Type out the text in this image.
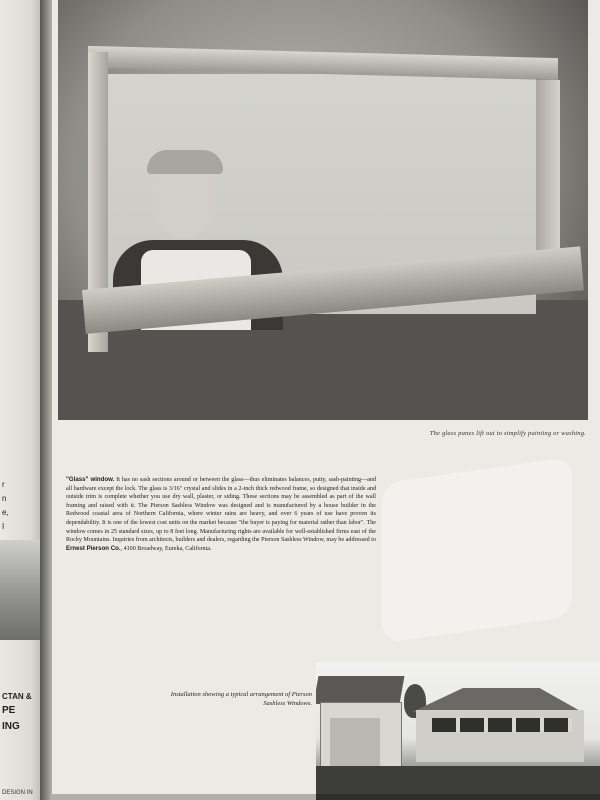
r
n
e,
I
CTAN &
PE
ING
DESIGN IN
The glass panes lift out to simplify painting or washing.
"Glass" window. It has no sash sections around or between the glass—thus eliminates balances, putty, sash-painting—and all hardware except the lock. The glass is 3/16" crystal and slides in a 2-inch thick redwood frame, so designed that inside and outside trim is complete whether you use dry wall, plaster, or siding. These sections may be assembled as part of the wall framing and raised with it. The Pierson Sashless Window was designed and is manufactured by a house builder in the Redwood coastal area of Northern California, where winter rains are heavy, and over 6 years of use have proven its dependability. It is one of the lowest cost units on the market because "the buyer is paying for material rather than labor". The window comes in 25 standard sizes, up to 8 feet long. Manufacturing rights are available for well-established firms east of the Rocky Mountains. Inquiries from architects, builders and dealers, regarding the Pierson Sashless Window, may be addressed to Ernest Pierson Co., 4100 Broadway, Eureka, California.
Installation showing a typical arrangement of Pierson Sashless Windows.
